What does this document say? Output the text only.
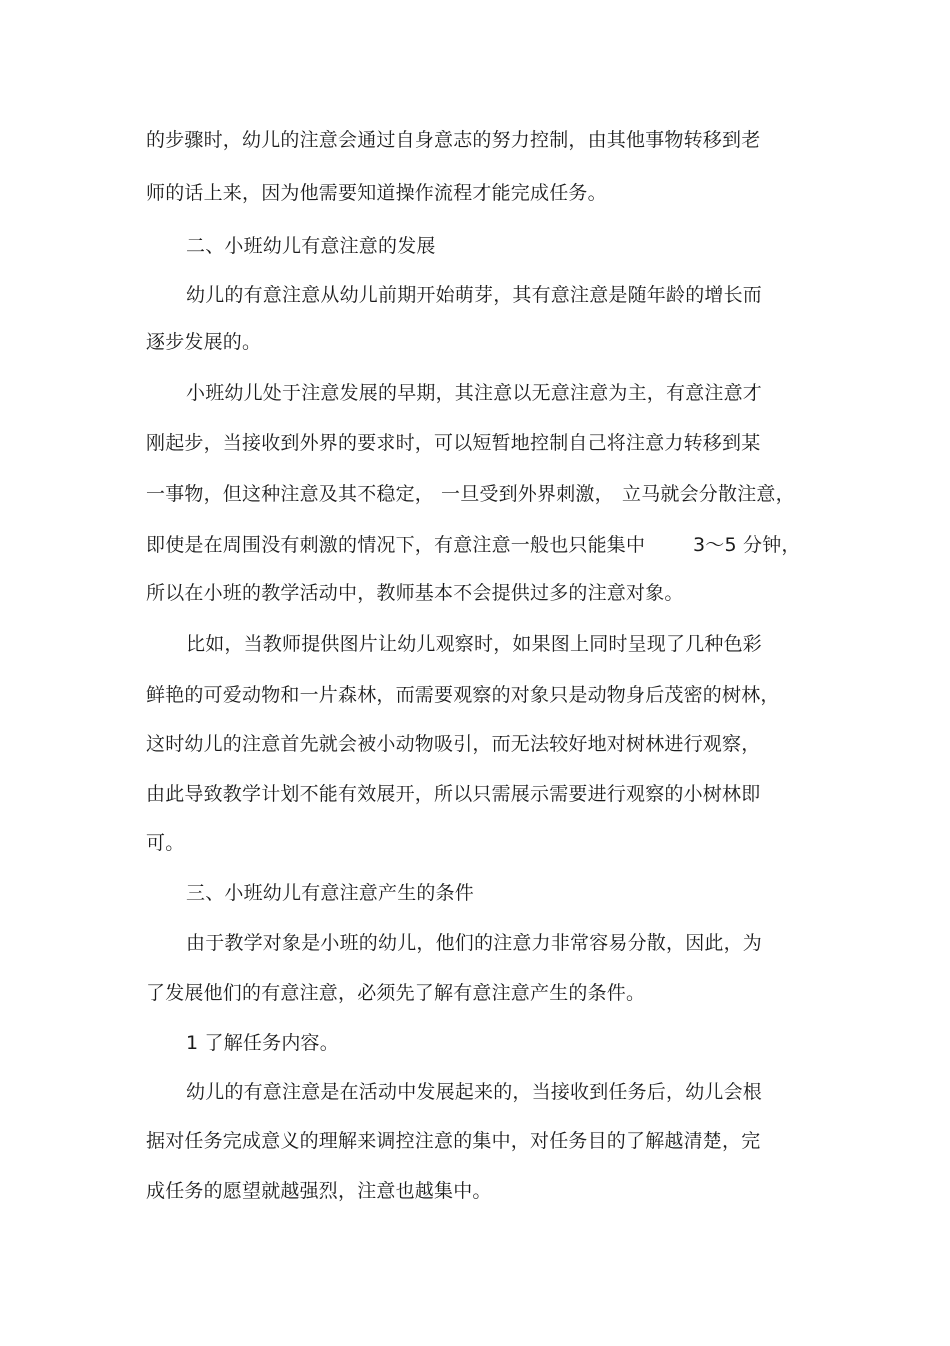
的步骤时，幼儿的注意会通过自身意志的努力控制，由其他事物转移到老
师的话上来，因为他需要知道操作流程才能完成任务。
二、小班幼儿有意注意的发展
幼儿的有意注意从幼儿前期开始萌芽，其有意注意是随年龄的增长而
逐步发展的。
小班幼儿处于注意发展的早期，其注意以无意注意为主，有意注意才
刚起步，当接收到外界的要求时，可以短暂地控制自己将注意力转移到某
一事物，但这种注意及其不稳定， 一旦受到外界刺激， 立马就会分散注意，
即使是在周围没有刺激的情况下，有意注意一般也只能集中	3～5 分钟，
所以在小班的教学活动中，教师基本不会提供过多的注意对象。
比如，当教师提供图片让幼儿观察时，如果图上同时呈现了几种色彩
鲜艳的可爱动物和一片森林，而需要观察的对象只是动物身后茂密的树林，
这时幼儿的注意首先就会被小动物吸引，而无法较好地对树林进行观察，
由此导致教学计划不能有效展开，所以只需展示需要进行观察的小树林即
可。
三、小班幼儿有意注意产生的条件
由于教学对象是小班的幼儿，他们的注意力非常容易分散，因此，为
了发展他们的有意注意，必须先了解有意注意产生的条件。
1 了解任务内容。
幼儿的有意注意是在活动中发展起来的，当接收到任务后，幼儿会根
据对任务完成意义的理解来调控注意的集中，对任务目的了解越清楚，完
成任务的愿望就越强烈，注意也越集中。
